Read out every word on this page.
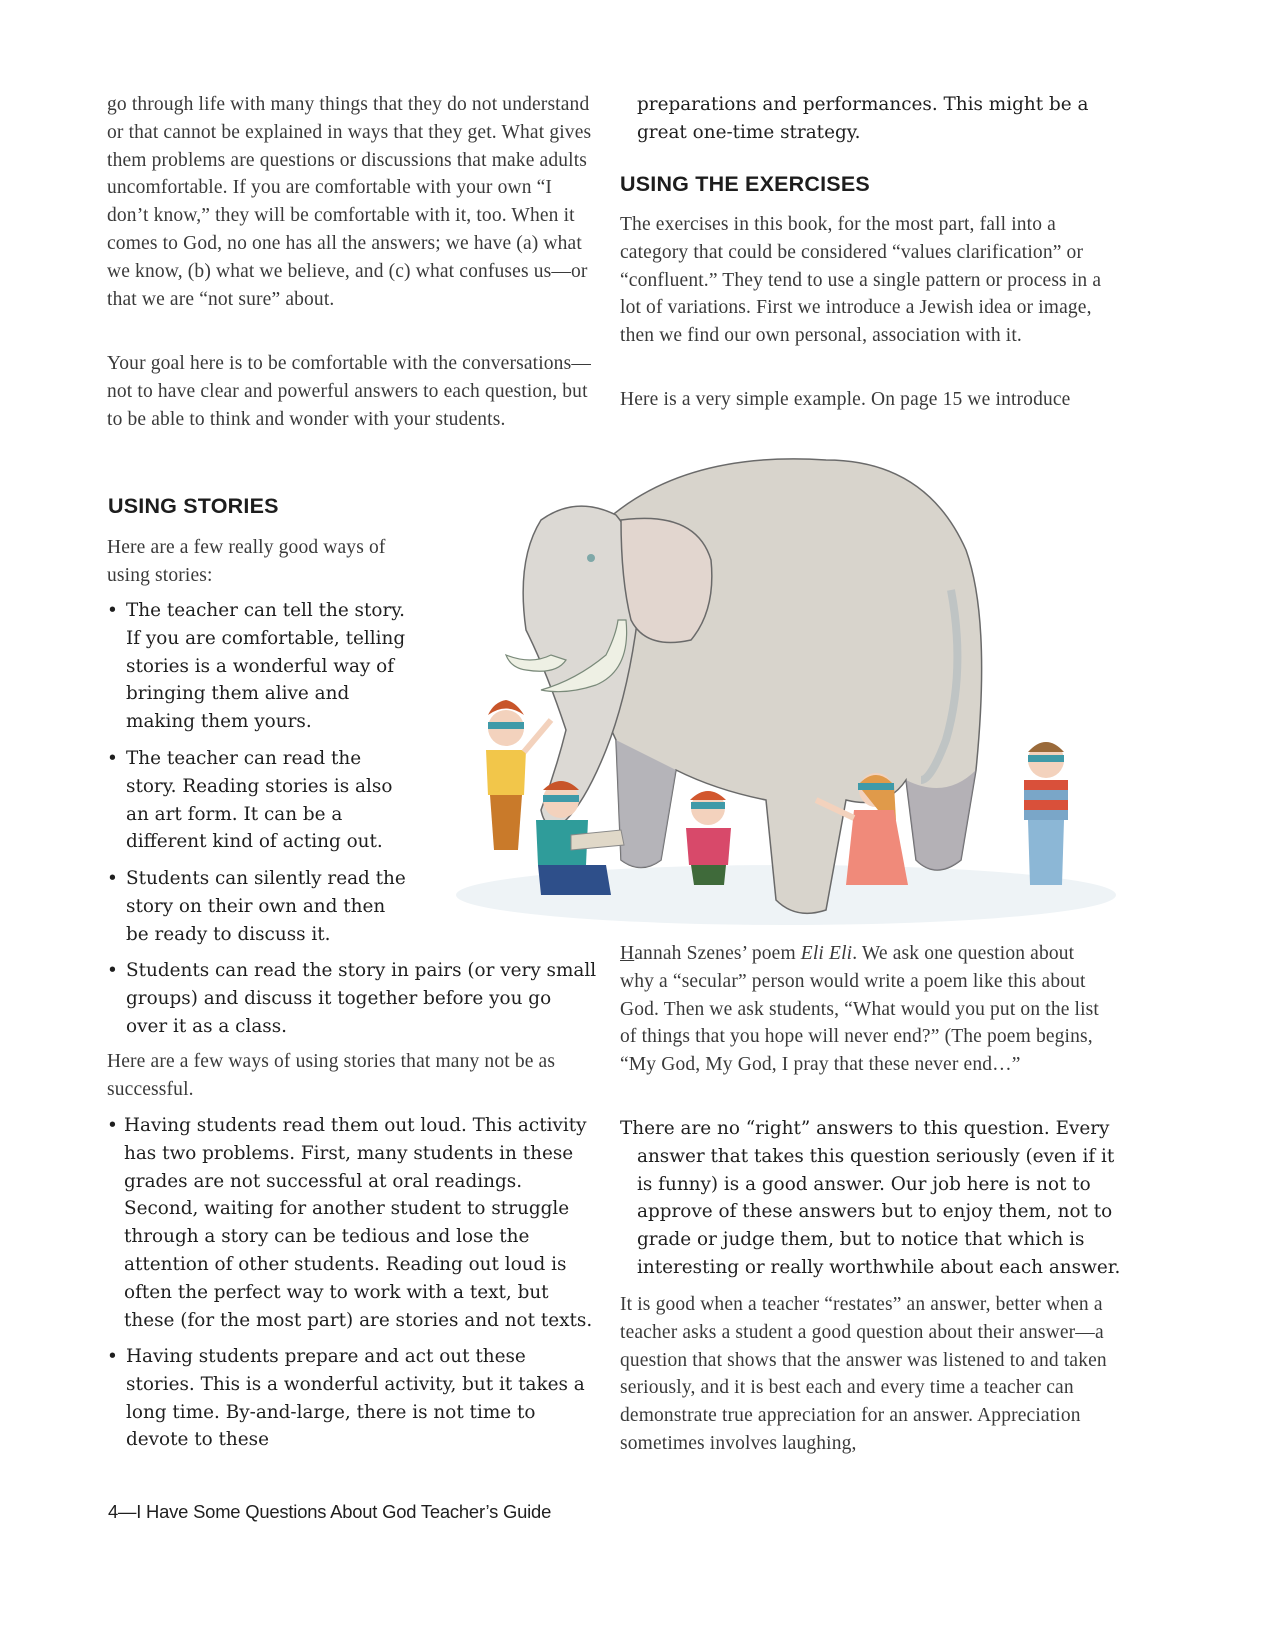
go through life with many things that they do not understand or that cannot be explained in ways that they get. What gives them problems are questions or discussions that make adults uncomfortable. If you are comfortable with your own “I don’t know,” they will be comfortable with it, too. When it comes to God, no one has all the answers; we have (a) what we know, (b) what we believe, and (c) what confuses us—or that we are “not sure” about.

Your goal here is to be comfortable with the conversations—not to have clear and powerful answers to each question, but to be able to think and wonder with your students.

USING STORIES

Here are a few really good ways of using stories:

• The teacher can tell the story. If you are comfortable, telling stories is a wonderful way of bringing them alive and making them yours.

• The teacher can read the story. Reading stories is also an art form. It can be a different kind of acting out.

• Students can silently read the story on their own and then be ready to discuss it.

• Students can read the story in pairs (or very small groups) and discuss it together before you go over it as a class.

Here are a few ways of using stories that many not be as successful.

• Having students read them out loud. This activity has two problems. First, many students in these grades are not successful at oral readings. Second, waiting for another student to struggle through a story can be tedious and lose the attention of other students. Reading out loud is often the perfect way to work with a text, but these (for the most part) are stories and not texts.

• Having students prepare and act out these stories. This is a wonderful activity, but it takes a long time. By-and-large, there is not time to devote to these

preparations and performances. This might be a great one-time strategy.

USING THE EXERCISES

The exercises in this book, for the most part, fall into a category that could be considered “values clarification” or “confluent.” They tend to use a single pattern or process in a lot of variations. First we introduce a Jewish idea or image, then we find our own personal, association with it.

Here is a very simple example. On page 15 we introduce

Hannah Szenes’ poem Eli Eli. We ask one question about why a “secular” person would write a poem like this about God. Then we ask students, “What would you put on the list of things that you hope will never end?” (The poem begins, “My God, My God, I pray that these never end…”

There are no “right” answers to this question. Every answer that takes this question seriously (even if it is funny) is a good answer. Our job here is not to approve of these answers but to enjoy them, not to grade or judge them, but to notice that which is interesting or really worthwhile about each answer.

It is good when a teacher “restates” an answer, better when a teacher asks a student a good question about their answer—a question that shows that the answer was listened to and taken seriously, and it is best each and every time a teacher can demonstrate true appreciation for an answer. Appreciation sometimes involves laughing,

4—I Have Some Questions About God Teacher’s Guide
